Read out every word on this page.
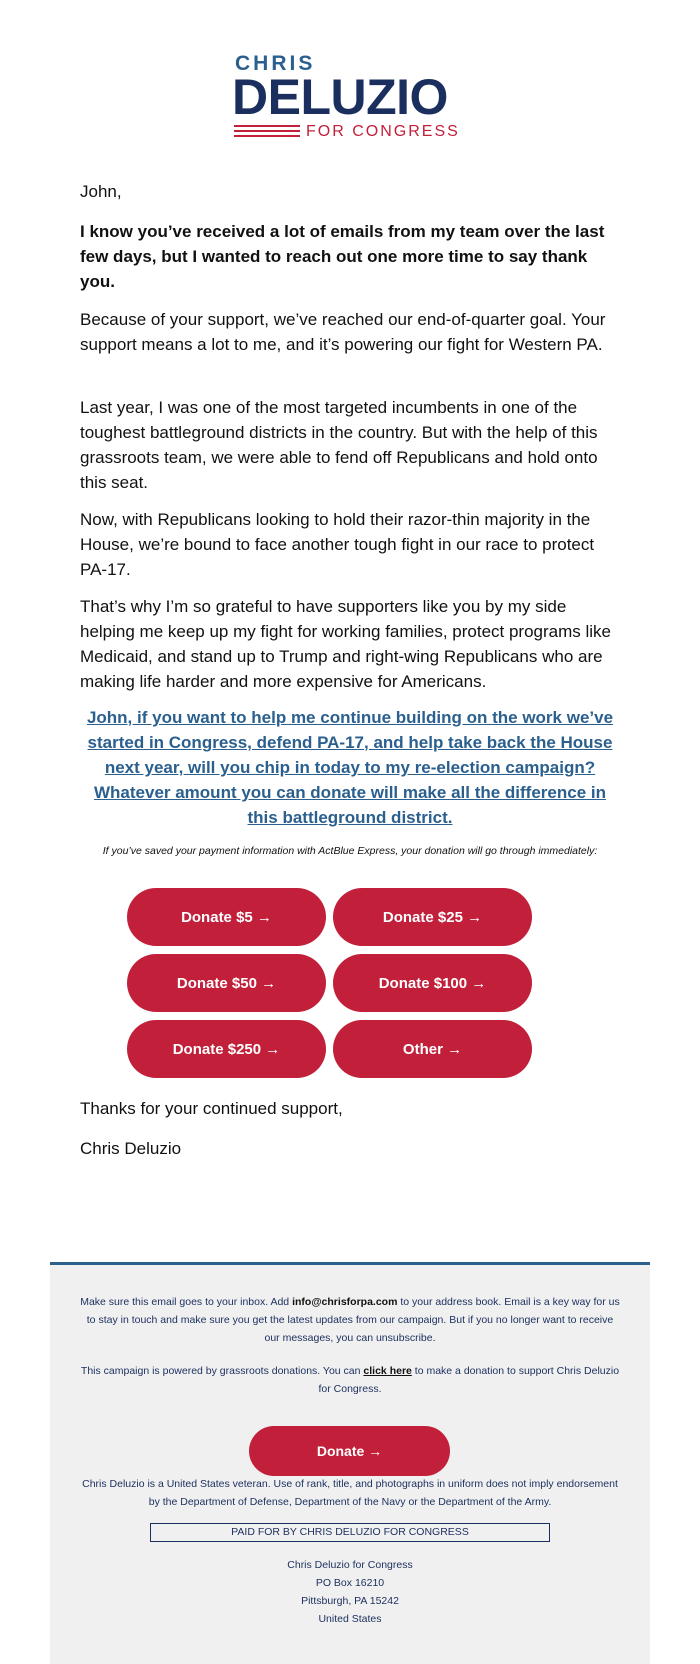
CHRIS
DELUZIO
FOR CONGRESS

John,

I know you’ve received a lot of emails from my team over the last few days, but I wanted to reach out one more time to say thank you.

Because of your support, we’ve reached our end-of-quarter goal. Your support means a lot to me, and it’s powering our fight for Western PA.

Last year, I was one of the most targeted incumbents in one of the toughest battleground districts in the country. But with the help of this grassroots team, we were able to fend off Republicans and hold onto this seat.

Now, with Republicans looking to hold their razor-thin majority in the House, we’re bound to face another tough fight in our race to protect PA-17.

That’s why I’m so grateful to have supporters like you by my side helping me keep up my fight for working families, protect programs like Medicaid, and stand up to Trump and right-wing Republicans who are making life harder and more expensive for Americans.

John, if you want to help me continue building on the work we’ve started in Congress, defend PA-17, and help take back the House next year, will you chip in today to my re-election campaign? Whatever amount you can donate will make all the difference in this battleground district.
If you’ve saved your payment information with ActBlue Express, your donation will go through immediately:

Thanks for your continued support,

Chris Deluzio

Donate $5 →	Donate $25 →
Donate $50 →	Donate $100 →
Donate $250 →	Other →
Make sure this email goes to your inbox. Add info@chrisforpa.com to your address book. Email is a key way for us to stay in touch and make sure you get the latest updates from our campaign. But if you no longer want to receive our messages, you can unsubscribe.
This campaign is powered by grassroots donations. You can click here to make a donation to support Chris Deluzio for Congress.
Donate →
Chris Deluzio is a United States veteran. Use of rank, title, and photographs in uniform does not imply endorsement by the Department of Defense, Department of the Navy or the Department of the Army.
PAID FOR BY CHRIS DELUZIO FOR CONGRESS
Chris Deluzio for Congress
PO Box 16210
Pittsburgh, PA 15242
United States
